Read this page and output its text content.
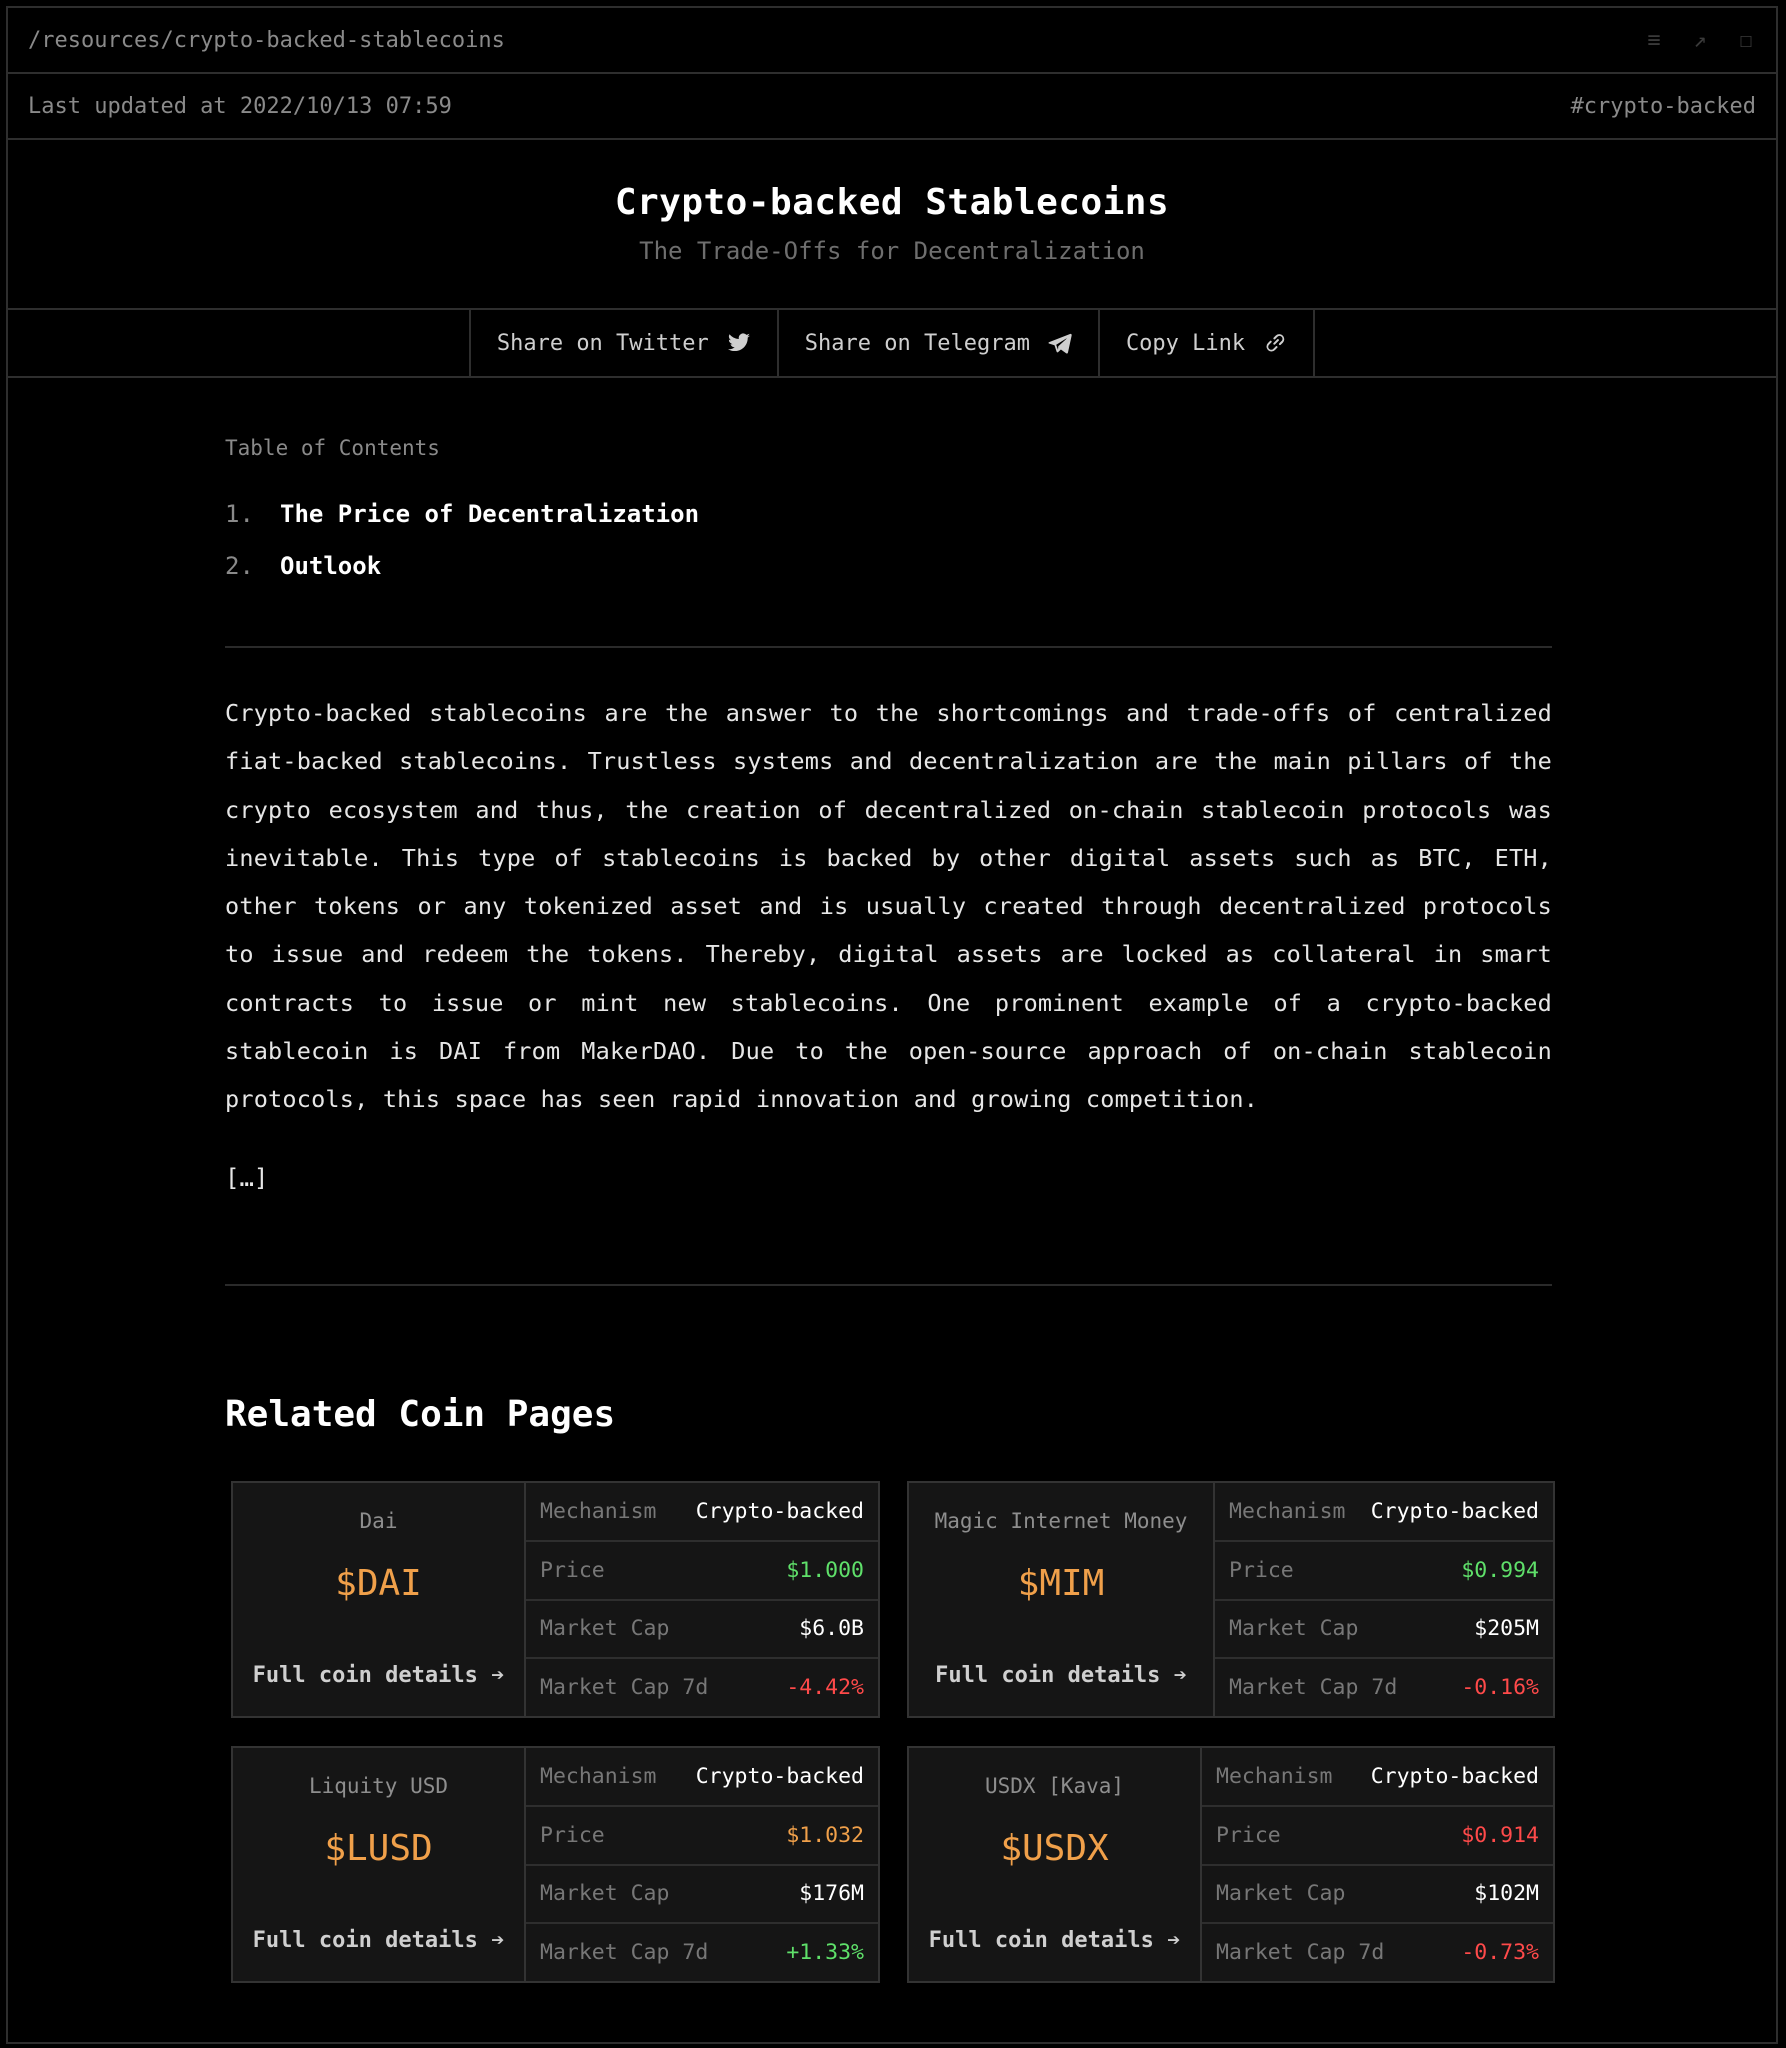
/resources/crypto-backed-stablecoins	≡ ↗ ☐
Last updated at 2022/10/13 07:59	#crypto-backed
Crypto-backed Stablecoins
The Trade-Offs for Decentralization
Share on Twitter	Share on Telegram	Copy Link
Table of Contents
1.	The Price of Decentralization
2.	Outlook

Crypto-backed stablecoins are the answer to the shortcomings and trade-offs of centralized fiat-backed stablecoins. Trustless systems and decentralization are the main pillars of the crypto ecosystem and thus, the creation of decentralized on-chain stablecoin protocols was inevitable. This type of stablecoins is backed by other digital assets such as BTC, ETH, other tokens or any tokenized asset and is usually created through decentralized protocols to issue and redeem the tokens. Thereby, digital assets are locked as collateral in smart contracts to issue or mint new stablecoins. One prominent example of a crypto-backed stablecoin is DAI from MakerDAO. Due to the open-source approach of on-chain stablecoin protocols, this space has seen rapid innovation and growing competition.

[…]
Related Coin Pages
Dai
$DAI
Full coin details ➔
Mechanism Crypto-backed
Price	$1.000
Market Cap	$6.0B
Market Cap 7d	-4.42%
Magic Internet Money
$MIM
Full coin details ➔
Mechanism Crypto-backed
Price	$0.994
Market Cap	$205M
Market Cap 7d	-0.16%
Liquity USD
$LUSD
Full coin details ➔
Mechanism Crypto-backed
Price	$1.032
Market Cap	$176M
Market Cap 7d	+1.33%
USDX [Kava]
$USDX
Full coin details ➔
Mechanism Crypto-backed
Price	$0.914
Market Cap	$102M
Market Cap 7d	-0.73%
